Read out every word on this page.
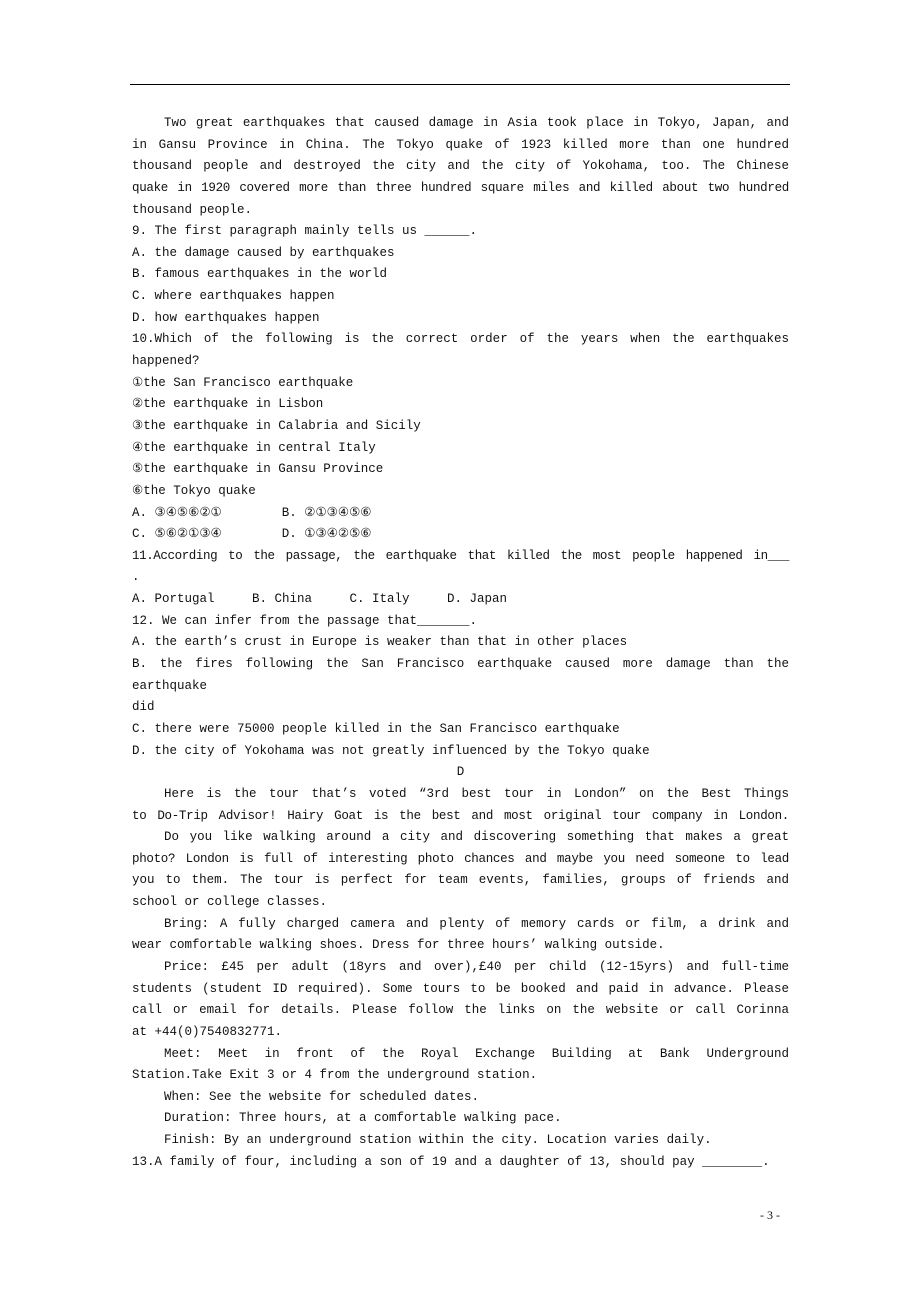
Two great earthquakes that caused damage in Asia took place in Tokyo, Japan, and
in Gansu Province in China. The Tokyo quake of 1923 killed more than one hundred
thousand people and destroyed the city and the city of Yokohama, too. The Chinese
quake in 1920 covered more than three hundred square miles and killed about two hundred
thousand people.
9. The first paragraph mainly tells us ______.
A. the damage caused by earthquakes
B. famous earthquakes in the world
C. where earthquakes happen
D. how earthquakes happen
10.Which of the following is the correct order of the years when the earthquakes
happened?
①the San Francisco earthquake
②the earthquake in Lisbon
③the earthquake in Calabria and Sicily
④the earthquake in central Italy
⑤the earthquake in Gansu Province
⑥the Tokyo quake
A. ③④⑤⑥②①        B. ②①③④⑤⑥
C. ⑤⑥②①③④        D. ①③④②⑤⑥
11.According to the passage, the earthquake that killed the most people happened in___
.
A. Portugal     B. China     C. Italy     D. Japan
12. We can infer from the passage that_______.
A. the earth’s crust in Europe is weaker than that in other places
B. the fires following the San Francisco earthquake caused more damage than the
earthquake
did
C. there were 75000 people killed in the San Francisco earthquake
D. the city of Yokohama was not greatly influenced by the Tokyo quake
D
Here is the tour that’s voted “3rd best tour in London” on the Best Things
to Do-Trip Advisor! Hairy Goat is the best and most original tour company in London.
Do you like walking around a city and discovering something that makes a great
photo? London is full of interesting photo chances and maybe you need someone to lead
you to them. The tour is perfect for team events, families, groups of friends and
school or college classes.
Bring: A fully charged camera and plenty of memory cards or film, a drink and
wear comfortable walking shoes. Dress for three hours’ walking outside.
Price: £45 per adult (18yrs and over),£40 per child (12-15yrs) and full-time
students (student ID required). Some tours to be booked and paid in advance. Please
call or email for details. Please follow the links on the website or call Corinna
at +44(0)7540832771.
Meet: Meet in front of the Royal Exchange Building at Bank Underground
Station.Take Exit 3 or 4 from the underground station.
When: See the website for scheduled dates.
Duration: Three hours, at a comfortable walking pace.
Finish: By an underground station within the city. Location varies daily.
13.A family of four, including a son of 19 and a daughter of 13, should pay ________.
- 3 -
